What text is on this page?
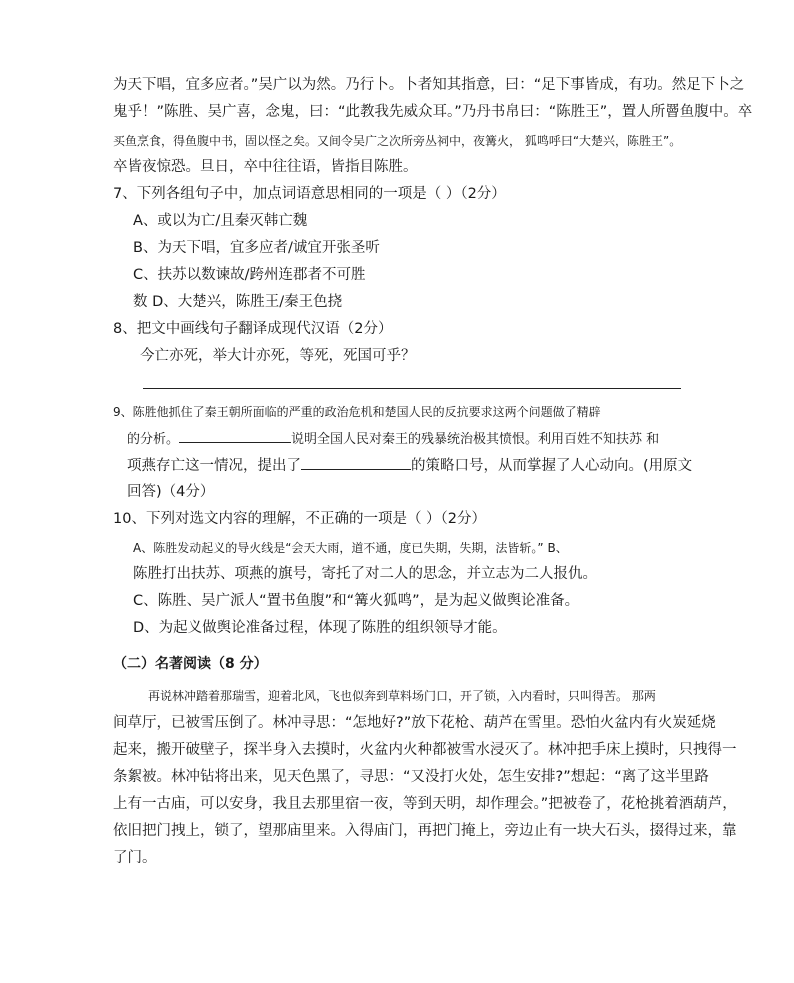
为天下唱，宜多应者。”吴广以为然。乃行卜。卜者知其指意，曰：“足下事皆成，有功。然足下卜之
鬼乎！”陈胜、吴广喜，念鬼，曰：“此教我先威众耳。”乃丹书帛曰：“陈胜王”，置人所罾鱼腹中。卒
买鱼烹食，得鱼腹中书，固以怪之矣。又间令吴广之次所旁丛祠中，夜篝火， 狐鸣呼曰“大楚兴，陈胜王”。
卒皆夜惊恐。旦日，卒中往往语，皆指目陈胜。
7、下列各组句子中，加点词语意思相同的一项是（ ）（2分）
A、或以为亡/且秦灭韩亡魏
B、为天下唱，宜多应者/诚宜开张圣听
C、扶苏以数谏故/跨州连郡者不可胜
数 D、大楚兴，陈胜王/秦王色挠
8、把文中画线句子翻译成现代汉语（2分）
今亡亦死，举大计亦死，等死，死国可乎？
9、陈胜他抓住了秦王朝所面临的严重的政治危机和楚国人民的反抗要求这两个问题做了精辟
的分析。	说明全国人民对秦王的残暴统治极其愤恨。利用百姓不知扶苏 和
项燕存亡这一情况，提出了	的策略口号，从而掌握了人心动向。(用原文
回答)（4分）
10、下列对选文内容的理解，不正确的一项是（ ）（2分）
A、陈胜发动起义的导火线是“会天大雨，道不通，度已失期，失期，法皆斩。” B、
陈胜打出扶苏、项燕的旗号，寄托了对二人的思念，并立志为二人报仇。
C、陈胜、吴广派人“置书鱼腹”和“篝火狐鸣”，是为起义做舆论准备。
D、为起义做舆论准备过程，体现了陈胜的组织领导才能。
（二）名著阅读（8 分）
再说林冲踏着那瑞雪，迎着北风，飞也似奔到草料场门口，开了锁，入内看时，只叫得苦。 那两
间草厅，已被雪压倒了。林冲寻思：“怎地好?”放下花枪、葫芦在雪里。恐怕火盆内有火炭延烧
起来，搬开破壁子，探半身入去摸时，火盆内火种都被雪水浸灭了。林冲把手床上摸时，只拽得一
条絮被。林冲钻将出来，见天色黑了，寻思：“又没打火处，怎生安排?”想起：“离了这半里路
上有一古庙，可以安身，我且去那里宿一夜，等到天明，却作理会。”把被卷了，花枪挑着酒葫芦，
依旧把门拽上，锁了，望那庙里来。入得庙门，再把门掩上，旁边止有一块大石头，掇得过来，靠
了门。
